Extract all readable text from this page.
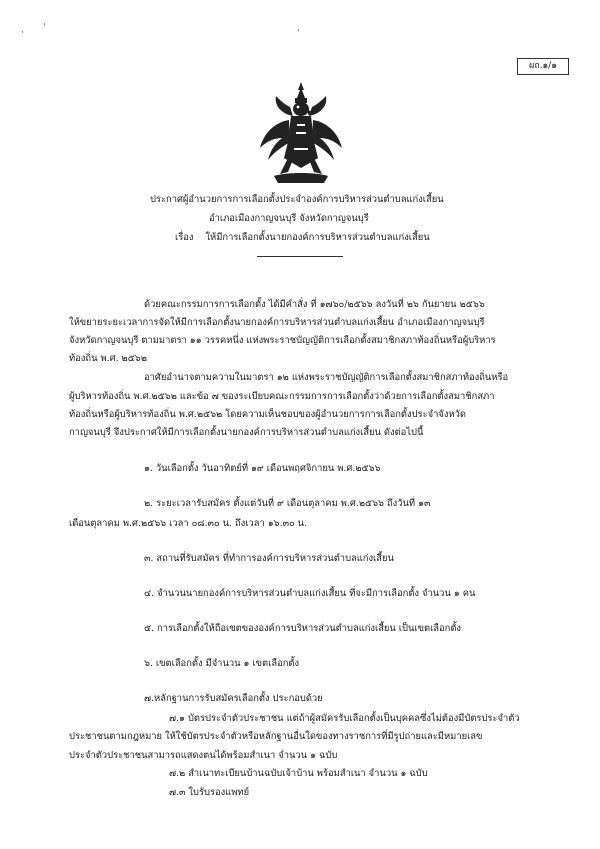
· '	·
ผถ.๑/๑
ประกาศผู้อำนวยการการเลือกตั้งประจำองค์การบริหารส่วนตำบลแก่งเสี้ยน
อำเภอเมืองกาญจนบุรี จังหวัดกาญจนบุรี
เรื่อง ให้มีการเลือกตั้งนายกองค์การบริหารส่วนตำบลแก่งเสี้ยน
ด้วยคณะกรรมการการเลือกตั้ง ได้มีคำสั่ง ที่ ๑๗๖๐/๒๕๖๖ ลงวันที่ ๒๖ กันยายน ๒๕๖๖
ให้ขยายระยะเวลาการจัดให้มีการเลือกตั้งนายกองค์การบริหารส่วนตำบลแก่งเสี้ยน อำเภอเมืองกาญจนบุรี
จังหวัดกาญจนบุรี ตามมาตรา ๑๑ วรรคหนึ่ง แห่งพระราชบัญญัติการเลือกตั้งสมาชิกสภาท้องถิ่นหรือผู้บริหาร
ท้องถิ่น พ.ศ. ๒๕๖๒
อาศัยอำนาจตามความในมาตรา ๑๒ แห่งพระราชบัญญัติการเลือกตั้งสมาชิกสภาท้องถิ่นหรือ
ผู้บริหารท้องถิ่น พ.ศ.๒๕๖๒ และข้อ ๗ ของระเบียบคณะกรรมการการเลือกตั้งว่าด้วยการเลือกตั้งสมาชิกสภา
ท้องถิ่นหรือผู้บริหารท้องถิ่น พ.ศ.๒๕๖๒ โดยความเห็นชอบของผู้อำนวยการการเลือกตั้งประจำจังหวัด
กาญจนบุรี จึงประกาศให้มีการเลือกตั้งนายกองค์การบริหารส่วนตำบลแก่งเสี้ยน ดังต่อไปนี้
๑. วันเลือกตั้ง วันอาทิตย์ที่ ๑๙ เดือนพฤศจิกายน พ.ศ.๒๕๖๖
๒. ระยะเวลารับสมัคร ตั้งแต่วันที่ ๙ เดือนตุลาคม พ.ศ.๒๕๖๖ ถึงวันที่ ๑๓
เดือนตุลาคม พ.ศ.๒๕๖๖ เวลา ๐๘.๓๐ น. ถึงเวลา ๑๖.๓๐ น.
๓. สถานที่รับสมัคร ที่ทำการองค์การบริหารส่วนตำบลแก่งเสี้ยน
๔. จำนวนนายกองค์การบริหารส่วนตำบลแก่งเสี้ยน ที่จะมีการเลือกตั้ง จำนวน ๑ คน
๕. การเลือกตั้งให้ถือเขตขององค์การบริหารส่วนตำบลแก่งเสี้ยน เป็นเขตเลือกตั้ง
๖. เขตเลือกตั้ง มีจำนวน ๑ เขตเลือกตั้ง
๗.หลักฐานการรับสมัครเลือกตั้ง ประกอบด้วย
๗.๑ บัตรประจำตัวประชาชน แต่ถ้าผู้สมัครรับเลือกตั้งเป็นบุคคลซึ่งไม่ต้องมีบัตรประจำตัว
ประชาชนตามกฎหมาย ให้ใช้บัตรประจำตัวหรือหลักฐานอื่นใดของทางราชการที่มีรูปถ่ายและมีหมายเลข
ประจำตัวประชาชนสามารถแสดงตนได้พร้อมสำเนา จำนวน ๑ ฉบับ
๗.๒ สำเนาทะเบียนบ้านฉบับเจ้าบ้าน พร้อมสำเนา จำนวน ๑ ฉบับ
๗.๓ ใบรับรองแพทย์
